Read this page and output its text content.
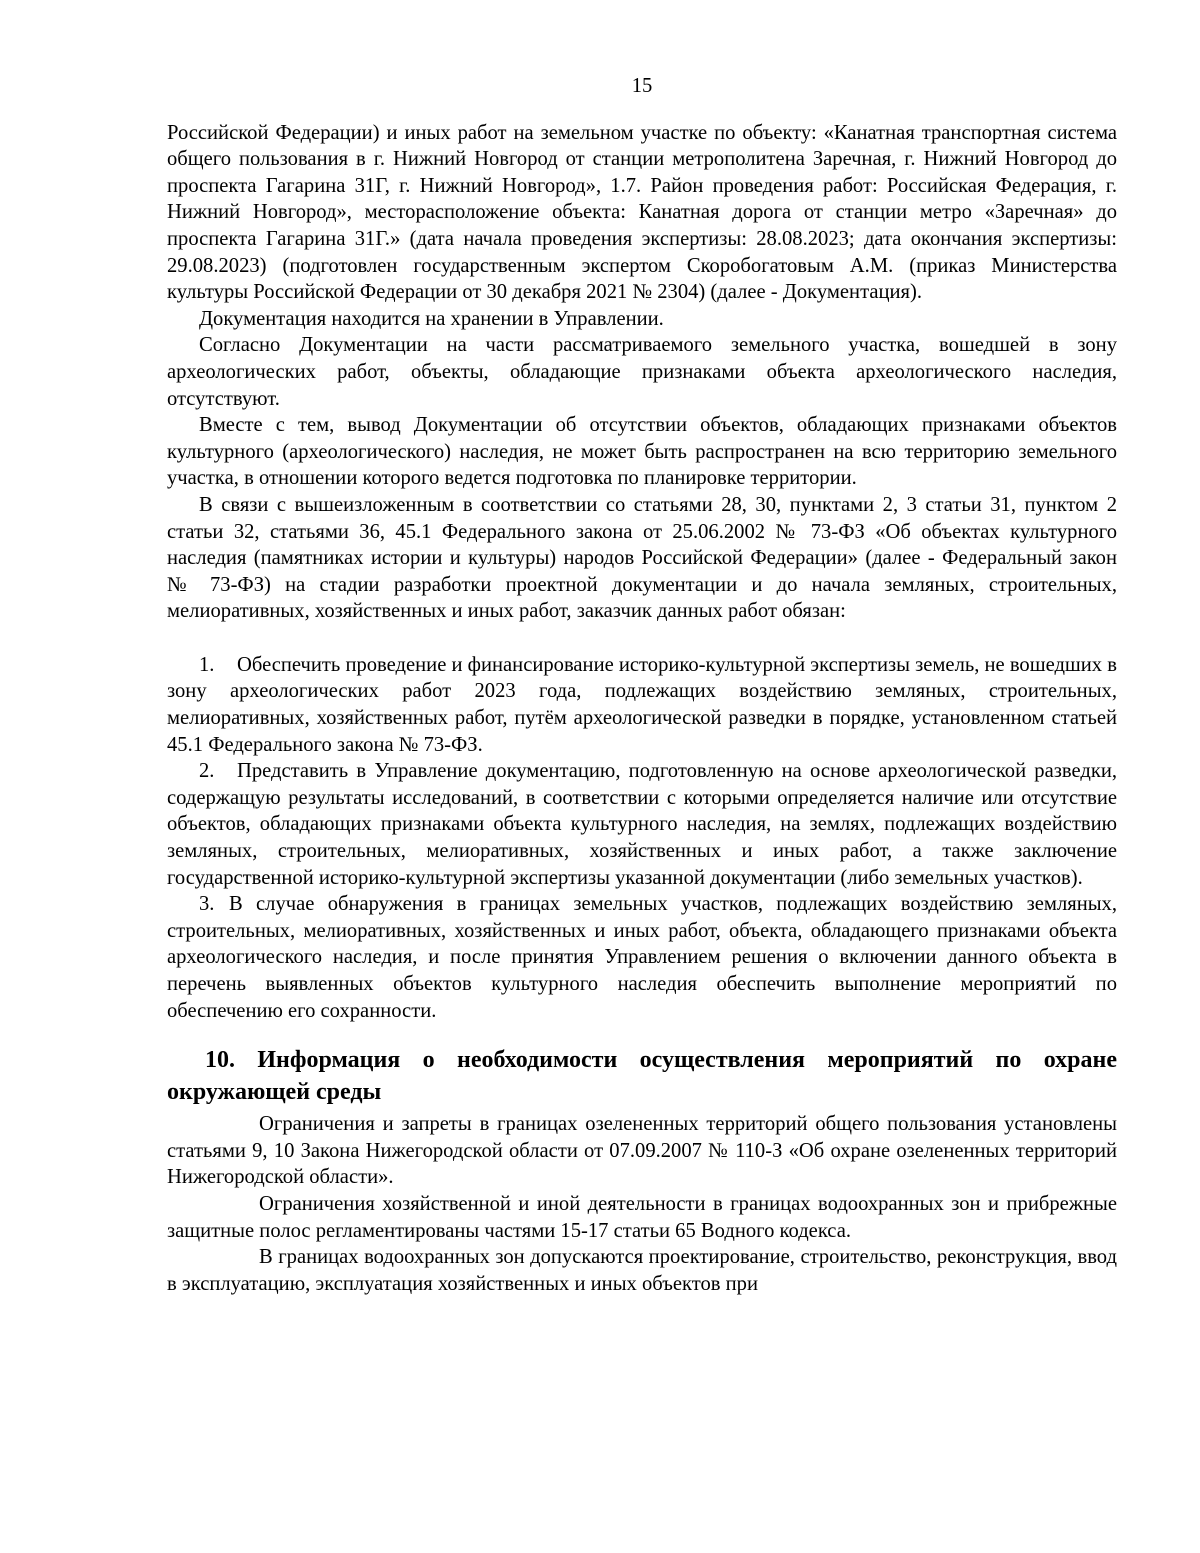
15

Российской Федерации) и иных работ на земельном участке по объекту: «Канатная транспортная система общего пользования в г. Нижний Новгород от станции метрополитена Заречная, г. Нижний Новгород до проспекта Гагарина 31Г, г. Нижний Новгород», 1.7. Район проведения работ: Российская Федерация, г. Нижний Новгород», месторасположение объекта: Канатная дорога от станции метро «Заречная» до проспекта Гагарина 31Г.» (дата начала проведения экспертизы: 28.08.2023; дата окончания экспертизы: 29.08.2023) (подготовлен государственным экспертом Скоробогатовым А.М. (приказ Министерства культуры Российской Федерации от 30 декабря 2021 № 2304) (далее - Документация).

Документация находится на хранении в Управлении.

Согласно Документации на части рассматриваемого земельного участка, вошедшей в зону археологических работ, объекты, обладающие признаками объекта археологического наследия, отсутствуют.

Вместе с тем, вывод Документации об отсутствии объектов, обладающих признаками объектов культурного (археологического) наследия, не может быть распространен на всю территорию земельного участка, в отношении которого ведется подготовка по планировке территории.

В связи с вышеизложенным в соответствии со статьями 28, 30, пунктами 2, 3 статьи 31, пунктом 2 статьи 32, статьями 36, 45.1 Федерального закона от 25.06.2002 № 73-ФЗ «Об объектах культурного наследия (памятниках истории и культуры) народов Российской Федерации» (далее - Федеральный закон № 73-ФЗ) на стадии разработки проектной документации и до начала земляных, строительных, мелиоративных, хозяйственных и иных работ, заказчик данных работ обязан:

1. Обеспечить проведение и финансирование историко-культурной экспертизы земель, не вошедших в зону археологических работ 2023 года, подлежащих воздействию земляных, строительных, мелиоративных, хозяйственных работ, путём археологической разведки в порядке, установленном статьей 45.1 Федерального закона № 73-ФЗ.

2. Представить в Управление документацию, подготовленную на основе археологической разведки, содержащую результаты исследований, в соответствии с которыми определяется наличие или отсутствие объектов, обладающих признаками объекта культурного наследия, на землях, подлежащих воздействию земляных, строительных, мелиоративных, хозяйственных и иных работ, а также заключение государственной историко-культурной экспертизы указанной документации (либо земельных участков).

3. В случае обнаружения в границах земельных участков, подлежащих воздействию земляных, строительных, мелиоративных, хозяйственных и иных работ, объекта, обладающего признаками объекта археологического наследия, и после принятия Управлением решения о включении данного объекта в перечень выявленных объектов культурного наследия обеспечить выполнение мероприятий по обеспечению его сохранности.

10. Информация о необходимости осуществления мероприятий по охране окружающей среды

Ограничения и запреты в границах озелененных территорий общего пользования установлены статьями 9, 10 Закона Нижегородской области от 07.09.2007 № 110-З «Об охране озелененных территорий Нижегородской области».

Ограничения хозяйственной и иной деятельности в границах водоохранных зон и прибрежные защитные полос регламентированы частями 15-17 статьи 65 Водного кодекса.

В границах водоохранных зон допускаются проектирование, строительство, реконструкция, ввод в эксплуатацию, эксплуатация хозяйственных и иных объектов при
